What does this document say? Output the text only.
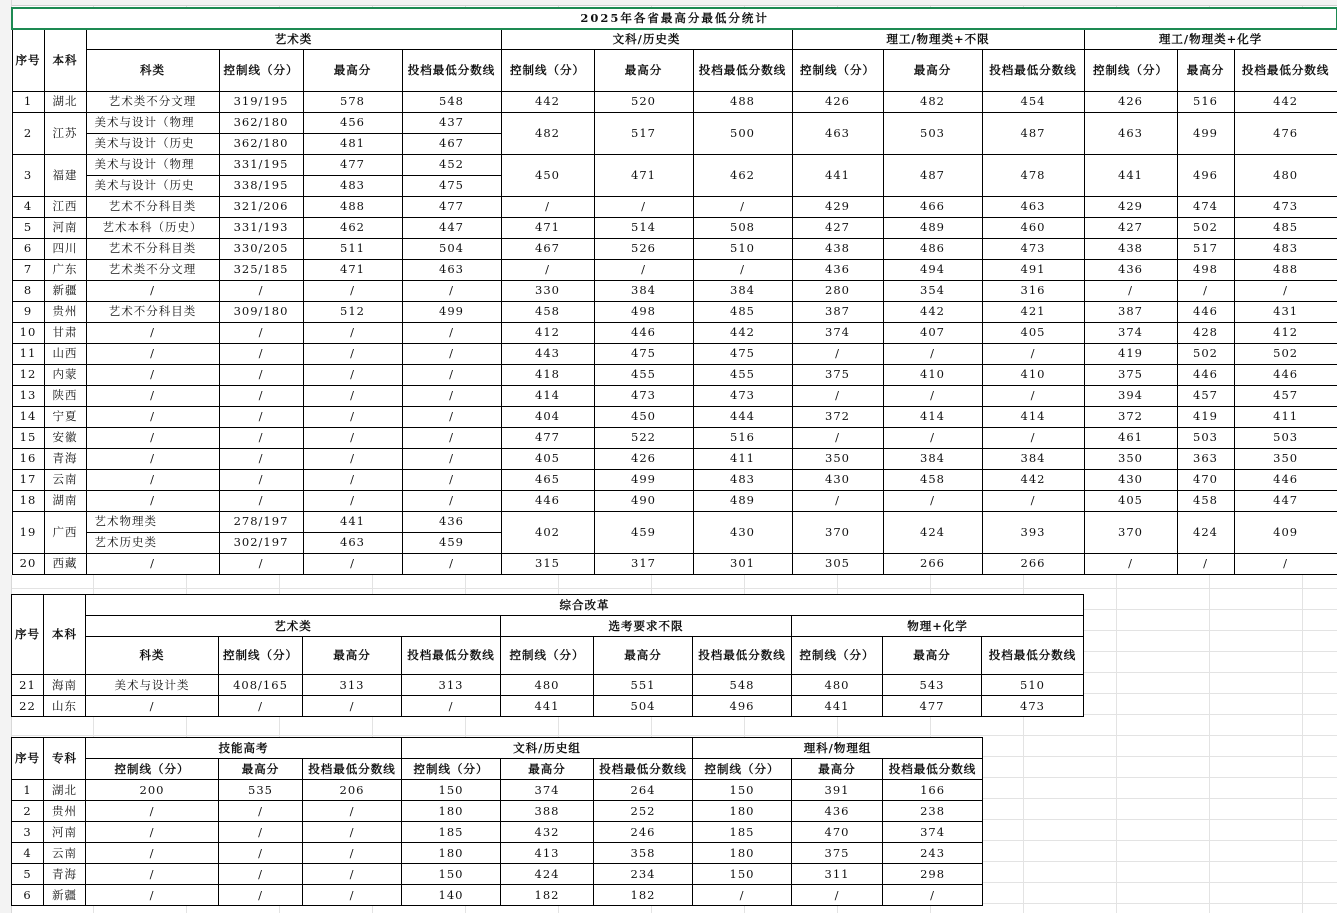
2025年各省最高分最低分统计														
序号	本科	艺术类				文科/历史类			理工/物理类+不限			理工/物理类+化学		
		科类	控制线（分）	最高分	投档最低分数线	控制线（分）	最高分	投档最低分数线	控制线（分）	最高分	投档最低分数线	控制线（分）	最高分	投档最低分数线
1	湖北	艺术类不分文理	319/195	578	548	442	520	488	426	482	454	426	516	442
2	江苏	美术与设计（物理	362/180	456	437	482	517	500	463	503	487	463	499	476
		美术与设计（历史	362/180	481	467									
3	福建	美术与设计（物理	331/195	477	452	450	471	462	441	487	478	441	496	480
		美术与设计（历史	338/195	483	475									
4	江西	艺术不分科目类	321/206	488	477	/	/	/	429	466	463	429	474	473
5	河南	艺术本科（历史）	331/193	462	447	471	514	508	427	489	460	427	502	485
6	四川	艺术不分科目类	330/205	511	504	467	526	510	438	486	473	438	517	483
7	广东	艺术类不分文理	325/185	471	463	/	/	/	436	494	491	436	498	488
8	新疆	/	/	/	/	330	384	384	280	354	316	/	/	/
9	贵州	艺术不分科目类	309/180	512	499	458	498	485	387	442	421	387	446	431
10	甘肃	/	/	/	/	412	446	442	374	407	405	374	428	412
11	山西	/	/	/	/	443	475	475	/	/	/	419	502	502
12	内蒙	/	/	/	/	418	455	455	375	410	410	375	446	446
13	陕西	/	/	/	/	414	473	473	/	/	/	394	457	457
14	宁夏	/	/	/	/	404	450	444	372	414	414	372	419	411
15	安徽	/	/	/	/	477	522	516	/	/	/	461	503	503
16	青海	/	/	/	/	405	426	411	350	384	384	350	363	350
17	云南	/	/	/	/	465	499	483	430	458	442	430	470	446
18	湖南	/	/	/	/	446	490	489	/	/	/	405	458	447
19	广西	艺术物理类	278/197	441	436	402	459	430	370	424	393	370	424	409
		艺术历史类	302/197	463	459									
20	西藏	/	/	/	/	315	317	301	305	266	266	/	/	/
序号	本科	综合改革									
		艺术类				选考要求不限			物理+化学		
		科类	控制线（分）	最高分	投档最低分数线	控制线（分）	最高分	投档最低分数线	控制线（分）	最高分	投档最低分数线
21	海南	美术与设计类	408/165	313	313	480	551	548	480	543	510
22	山东	/	/	/	/	441	504	496	441	477	473
序号	专科	技能高考			文科/历史组			理科/物理组		
		控制线（分）	最高分	投档最低分数线	控制线（分）	最高分	投档最低分数线	控制线（分）	最高分	投档最低分数线
1	湖北	200	535	206	150	374	264	150	391	166
2	贵州	/	/	/	180	388	252	180	436	238
3	河南	/	/	/	185	432	246	185	470	374
4	云南	/	/	/	180	413	358	180	375	243
5	青海	/	/	/	150	424	234	150	311	298
6	新疆	/	/	/	140	182	182	/	/	/
